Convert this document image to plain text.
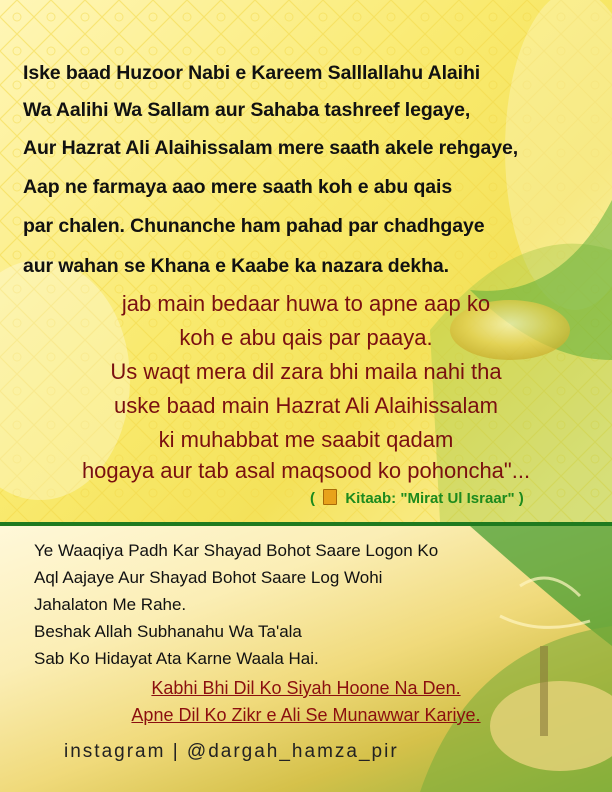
Iske baad Huzoor Nabi e Kareem Salllallahu Alaihi
Wa Aalihi Wa Sallam aur Sahaba tashreef legaye,
Aur Hazrat Ali Alaihissalam mere saath akele rehgaye,
Aap ne farmaya aao mere saath koh e abu qais
par chalen. Chunanche ham pahad par chadhgaye
aur wahan se Khana e Kaabe ka nazara dekha.
jab main bedaar huwa to apne aap ko
koh e abu qais par paaya.
Us waqt mera dil zara bhi maila nahi tha
uske baad main Hazrat Ali Alaihissalam
ki muhabbat me saabit qadam
hogaya aur tab asal maqsood ko pohoncha"...
( Kitaab: "Mirat Ul Israar" )
Ye Waaqiya Padh Kar Shayad Bohot Saare Logon Ko
Aql Aajaye Aur Shayad Bohot Saare Log Wohi
Jahalaton Me Rahe.
Beshak Allah Subhanahu Wa Ta'ala
Sab Ko Hidayat Ata Karne Waala Hai.
Kabhi Bhi Dil Ko Siyah Hoone Na Den.
Apne Dil Ko Zikr e Ali Se Munawwar Kariye.
instagram | @dargah_hamza_pir
